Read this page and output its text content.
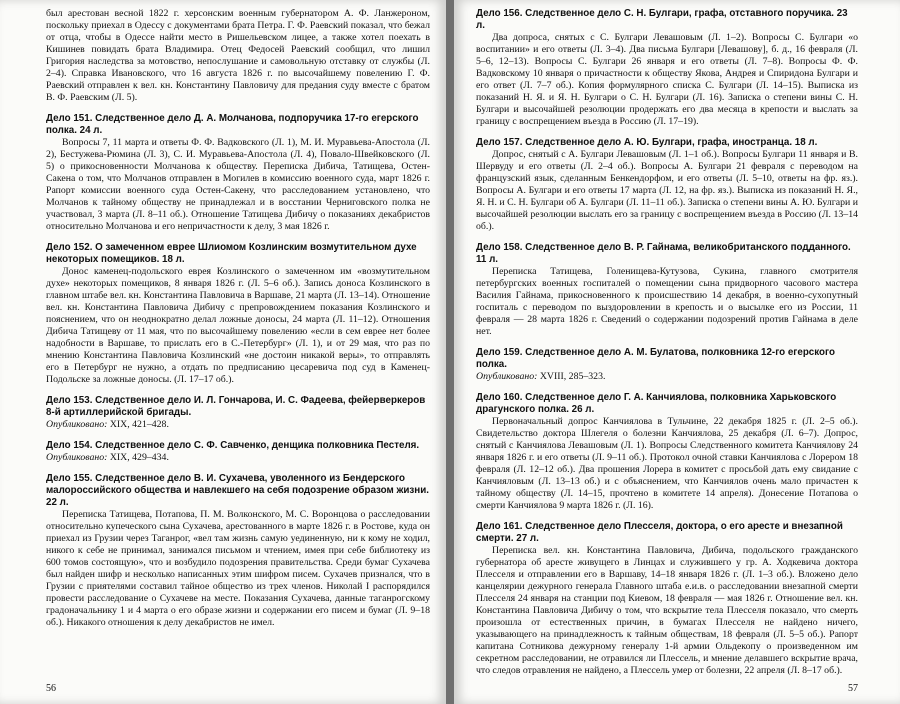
был арестован весной 1822 г. херсонским военным губернатором А. Ф. Ланжероном, поскольку приехал в Одессу с документами брата Петра. Г. Ф. Раевский показал, что бежал от отца, чтобы в Одессе найти место в Ришельевском лицее, а также хотел поехать в Кишинев повидать брата Владимира. Отец Федосей Раевский сообщил, что лишил Григория наследства за мотовство, непослушание и самовольную отставку от службы (Л. 2–4). Справка Ивановского, что 16 августа 1826 г. по высочайшему повелению Г. Ф. Раевский отправлен к вел. кн. Константину Павловичу для предания суду вместе с братом В. Ф. Раевским (Л. 5).

Дело 151. Следственное дело Д. А. Молчанова, подпоручика 17-го егерского полка. 24 л.

Вопросы 7, 11 марта и ответы Ф. Ф. Вадковского (Л. 1), М. И. Муравьева-Апостола (Л. 2), Бестужева-Рюмина (Л. 3), С. И. Муравьева-Апостола (Л. 4), Повало-Швейковского (Л. 5) о прикосновенности Молчанова к обществу. Переписка Дибича, Татищева, Остен-Сакена о том, что Молчанов отправлен в Могилев в комиссию военного суда, март 1826 г. Рапорт комиссии военного суда Остен-Сакену, что расследованием установлено, что Молчанов к тайному обществу не принадлежал и в восстании Черниговского полка не участвовал, 3 марта (Л. 8–11 об.). Отношение Татищева Дибичу о показаниях декабристов относительно Молчанова и его непричастности к делу, 3 мая 1826 г.

Дело 152. О замеченном еврее Шлиомом Козлинским возмутительном духе некоторых помещиков. 18 л.

Донос каменец-подольского еврея Козлинского о замеченном им «возмутительном духе» некоторых помещиков, 8 января 1826 г. (Л. 5–6 об.). Запись доноса Козлинского в главном штабе вел. кн. Константина Павловича в Варшаве, 21 марта (Л. 13–14). Отношение вел. кн. Константина Павловича Дибичу с препровождением показания Козлинского и пояснением, что он неоднократно делал ложные доносы, 24 марта (Л. 11–12). Отношения Дибича Татищеву от 11 мая, что по высочайшему повелению «если в сем еврее нет более надобности в Варшаве, то прислать его в С.-Петербург» (Л. 1), и от 29 мая, что раз по мнению Константина Павловича Козлинский «не достоин никакой веры», то отправлять его в Петербург не нужно, а отдать по предписанию цесаревича под суд в Каменец-Подольске за ложные доносы. (Л. 17–17 об.).

Дело 153. Следственное дело И. Л. Гончарова, И. С. Фадеева, фейерверкеров 8-й артиллерийской бригады.

Опубликовано: XIX, 421–428.

Дело 154. Следственное дело С. Ф. Савченко, денщика полковника Пестеля.

Опубликовано: XIX, 429–434.

Дело 155. Следственное дело В. И. Сухачева, уволенного из Бендерского малороссийского общества и навлекшего на себя подозрение образом жизни. 22 л.

Переписка Татищева, Потапова, П. М. Волконского, М. С. Воронцова о расследовании относительно купеческого сына Сухачева, арестованного в марте 1826 г. в Ростове, куда он приехал из Грузии через Таганрог, «вел там жизнь самую уединенную, ни к кому не ходил, никого к себе не принимал, занимался письмом и чтением, имея при себе библиотеку из 600 томов состоящую», что и возбудило подозрения правительства. Среди бумаг Сухачева был найден шифр и несколько написанных этим шифром писем. Сухачев признался, что в Грузии с приятелями составил тайное общество из трех членов. Николай I распорядился провести расследование о Сухачеве на месте. Показания Сухачева, данные таганрогскому градоначальнику 1 и 4 марта о его образе жизни и содержании его писем и бумаг (Л. 9–18 об.). Никакого отношения к делу декабристов не имел.

56

Дело 156. Следственное дело С. Н. Булгари, графа, отставного поручика. 23 л.

Два допроса, снятых с С. Булгари Левашовым (Л. 1–2). Вопросы С. Булгари «о воспитании» и его ответы (Л. 3–4). Два письма Булгари [Левашову], б. д., 16 февраля (Л. 5–6, 12–13). Вопросы С. Булгари 26 января и его ответы (Л. 7–8). Вопросы Ф. Ф. Вадковскому 10 января о причастности к обществу Якова, Андрея и Спиридона Булгари и его ответ (Л. 7–7 об.). Копия формулярного списка С. Булгари (Л. 14–15). Выписка из показаний Н. Я. и Я. Н. Булгари о С. Н. Булгари (Л. 16). Записка о степени вины С. Н. Булгари и высочайшей резолюции продержать его два месяца в крепости и выслать за границу с воспрещением въезда в Россию (Л. 17–19).

Дело 157. Следственное дело А. Ю. Булгари, графа, иностранца. 18 л.

Допрос, снятый с А. Булгари Левашовым (Л. 1–1 об.). Вопросы Булгари 11 января и В. Шервуду и его ответы (Л. 2–4 об.). Вопросы А. Булгари 21 февраля с переводом на французский язык, сделанным Бенкендорфом, и его ответы (Л. 5–10, ответы на фр. яз.). Вопросы А. Булгари и его ответы 17 марта (Л. 12, на фр. яз.). Выписка из показаний Н. Я., Я. Н. и С. Н. Булгари об А. Булгари (Л. 11–11 об.). Записка о степени вины А. Ю. Булгари и высочайшей резолюции выслать его за границу с воспрещением въезда в Россию (Л. 13–14 об.).

Дело 158. Следственное дело В. Р. Гайнама, великобританского подданного. 11 л.

Переписка Татищева, Голенищева-Кутузова, Сукина, главного смотрителя петербургских военных госпиталей о помещении сына придворного часового мастера Василия Гайнама, прикосновенного к происшествию 14 декабря, в военно-сухопутный госпиталь с переводом по выздоровлении в крепость и о высылке его из России, 11 февраля — 28 марта 1826 г. Сведений о содержании подозрений против Гайнама в деле нет.

Дело 159. Следственное дело А. М. Булатова, полковника 12-го егерского полка.

Опубликовано: XVIII, 285–323.

Дело 160. Следственное дело Г. А. Канчиялова, полковника Харьковского драгунского полка. 26 л.

Первоначальный допрос Канчиялова в Тульчине, 22 декабря 1825 г. (Л. 2–5 об.). Свидетельство доктора Шлегеля о болезни Канчиялова, 25 декабря (Л. 6–7). Допрос, снятый с Канчиялова Левашовым (Л. 1). Вопросы Следственного комитета Канчиялову 24 января 1826 г. и его ответы (Л. 9–11 об.). Протокол очной ставки Канчиялова с Лорером 18 февраля (Л. 12–12 об.). Два прошения Лорера в комитет с просьбой дать ему свидание с Канчияловым (Л. 13–13 об.) и с объяснением, что Канчиялов очень мало причастен к тайному обществу (Л. 14–15, прочтено в комитете 14 апреля). Донесение Потапова о смерти Канчиялова 9 марта 1826 г. (Л. 16).

Дело 161. Следственное дело Плесселя, доктора, о его аресте и внезапной смерти. 27 л.

Переписка вел. кн. Константина Павловича, Дибича, подольского гражданского губернатора об аресте живущего в Линцах и служившего у гр. А. Ходкевича доктора Плесселя и отправлении его в Варшаву, 14–18 января 1826 г. (Л. 1–3 об.). Вложено дело канцелярии дежурного генерала Главного штаба е.и.в. о расследовании внезапной смерти Плесселя 24 января на станции под Киевом, 18 февраля — мая 1826 г. Отношение вел. кн. Константина Павловича Дибичу о том, что вскрытие тела Плесселя показало, что смерть произошла от естественных причин, в бумагах Плесселя не найдено ничего, указывающего на принадлежность к тайным обществам, 18 февраля (Л. 5–5 об.). Рапорт капитана Сотникова дежурному генералу 1-й армии Ольдекопу о произведенном им секретном расследовании, не отравился ли Плессель, и мнение делавшего вскрытие врача, что следов отравления не найдено, а Плессель умер от болезни, 22 апреля (Л. 8–17 об.).

57
